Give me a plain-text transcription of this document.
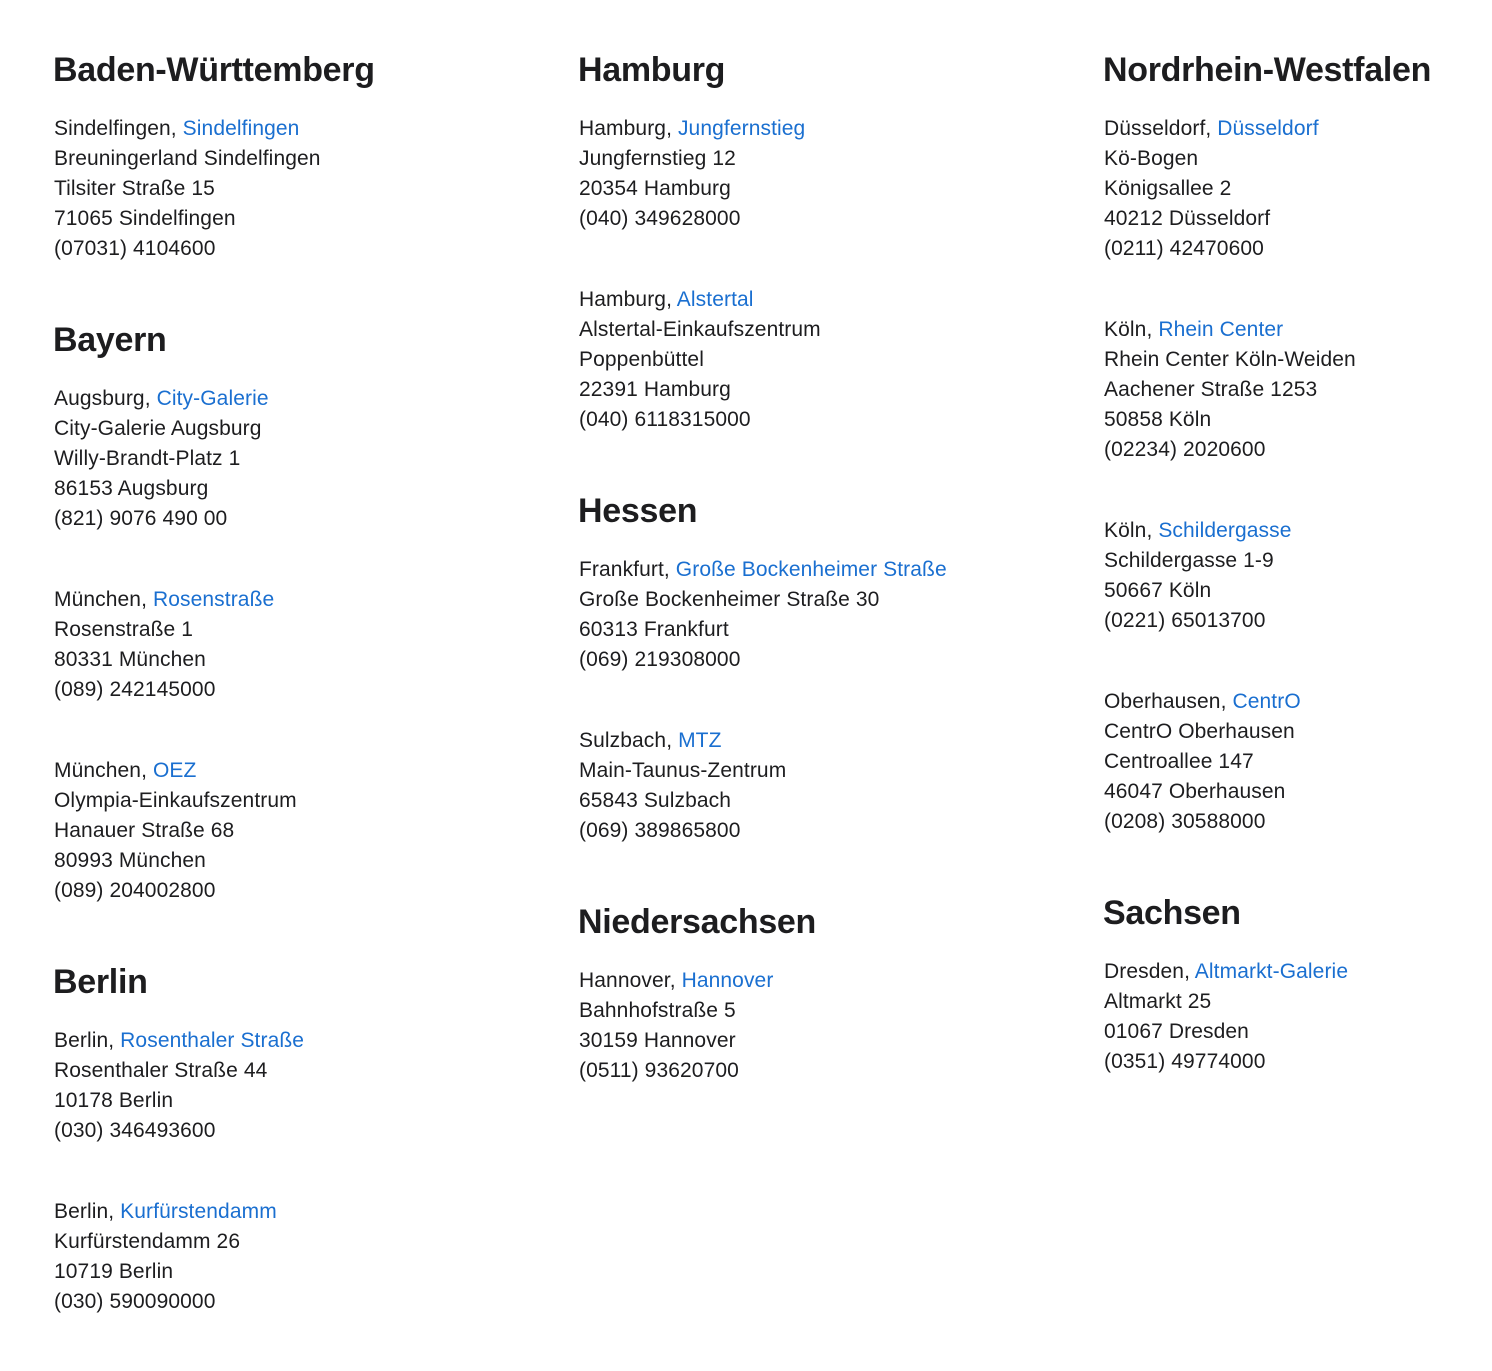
Baden-Württemberg
Sindelfingen, Sindelfingen
Breuningerland Sindelfingen
Tilsiter Straße 15
71065 Sindelfingen
(07031) 4104600
Bayern
Augsburg, City-Galerie
City-Galerie Augsburg
Willy-Brandt-Platz 1
86153 Augsburg
(821) 9076 490 00
München, Rosenstraße
Rosenstraße 1
80331 München
(089) 242145000
München, OEZ
Olympia-Einkaufszentrum
Hanauer Straße 68
80993 München
(089) 204002800
Berlin
Berlin, Rosenthaler Straße
Rosenthaler Straße 44
10178 Berlin
(030) 346493600
Berlin, Kurfürstendamm
Kurfürstendamm 26
10719 Berlin
(030) 590090000
Hamburg
Hamburg, Jungfernstieg
Jungfernstieg 12
20354 Hamburg
(040) 349628000
Hamburg, Alstertal
Alstertal-Einkaufszentrum
Poppenbüttel
22391 Hamburg
(040) 6118315000
Hessen
Frankfurt, Große Bockenheimer Straße
Große Bockenheimer Straße 30
60313 Frankfurt
(069) 219308000
Sulzbach, MTZ
Main-Taunus-Zentrum
65843 Sulzbach
(069) 389865800
Niedersachsen
Hannover, Hannover
Bahnhofstraße 5
30159 Hannover
(0511) 93620700
Nordrhein-Westfalen
Düsseldorf, Düsseldorf
Kö-Bogen
Königsallee 2
40212 Düsseldorf
(0211) 42470600
Köln, Rhein Center
Rhein Center Köln-Weiden
Aachener Straße 1253
50858 Köln
(02234) 2020600
Köln, Schildergasse
Schildergasse 1-9
50667 Köln
(0221) 65013700
Oberhausen, CentrO
CentrO Oberhausen
Centroallee 147
46047 Oberhausen
(0208) 30588000
Sachsen
Dresden, Altmarkt-Galerie
Altmarkt 25
01067 Dresden
(0351) 49774000
